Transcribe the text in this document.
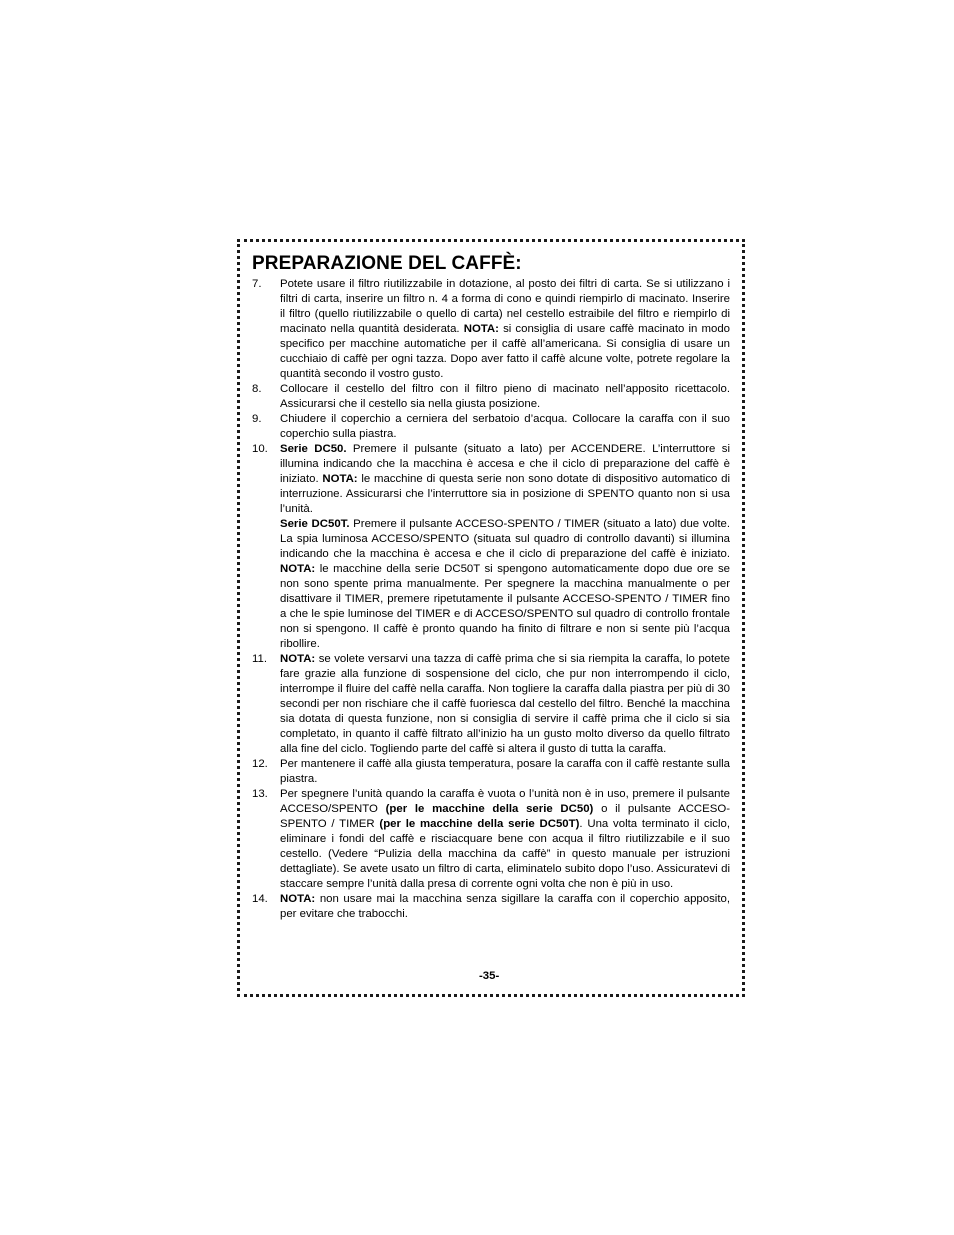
PREPARAZIONE DEL CAFFÈ:
7.	Potete usare il filtro riutilizzabile in dotazione, al posto dei filtri di carta. Se si utilizzano i filtri di carta, inserire un filtro n. 4 a forma di cono e quindi riempirlo di macinato. Inserire il filtro (quello riutilizzabile o quello di carta) nel cestello estraibile del filtro e riempirlo di macinato nella quantità desiderata. NOTA: si consiglia di usare caffè macinato in modo specifico per macchine automatiche per il caffè all’americana. Si consiglia di usare un cucchiaio di caffè per ogni tazza. Dopo aver fatto il caffè alcune volte, potrete regolare la quantità secondo il vostro gusto.
8.	Collocare il cestello del filtro con il filtro pieno di macinato nell’apposito ricettacolo. Assicurarsi che il cestello sia nella giusta posizione.
9.	Chiudere il coperchio a cerniera del serbatoio d’acqua. Collocare la caraffa con il suo coperchio sulla piastra.
10.	Serie DC50. Premere il pulsante (situato a lato) per ACCENDERE. L’interruttore si illumina indicando che la macchina è accesa e che il ciclo di preparazione del caffè è iniziato. NOTA: le macchine di questa serie non sono dotate di dispositivo automatico di interruzione. Assicurarsi che l’interruttore sia in posizione di SPENTO quanto non si usa l’unità.
Serie DC50T. Premere il pulsante ACCESO-SPENTO / TIMER (situato a lato) due volte. La spia luminosa ACCESO/SPENTO (situata sul quadro di controllo davanti) si illumina indicando che la macchina è accesa e che il ciclo di preparazione del caffè è iniziato. NOTA: le macchine della serie DC50T si spengono automaticamente dopo due ore se non sono spente prima manualmente. Per spegnere la macchina manualmente o per disattivare il TIMER, premere ripetutamente il pulsante ACCESO-SPENTO / TIMER fino a che le spie luminose del TIMER e di ACCESO/SPENTO sul quadro di controllo frontale non si spengono. Il caffè è pronto quando ha finito di filtrare e non si sente più l’acqua ribollire.
11.	NOTA: se volete versarvi una tazza di caffè prima che si sia riempita la caraffa, lo potete fare grazie alla funzione di sospensione del ciclo, che pur non interrompendo il ciclo, interrompe il fluire del caffè nella caraffa. Non togliere la caraffa dalla piastra per più di 30 secondi per non rischiare che il caffè fuoriesca dal cestello del filtro. Benché la macchina sia dotata di questa funzione, non si consiglia di servire il caffè prima che il ciclo si sia completato, in quanto il caffè filtrato all’inizio ha un gusto molto diverso da quello filtrato alla fine del ciclo. Togliendo parte del caffè si altera il gusto di tutta la caraffa.
12.	Per mantenere il caffè alla giusta temperatura, posare la caraffa con il caffè restante sulla piastra.
13.	Per spegnere l’unità quando la caraffa è vuota o l’unità non è in uso, premere il pulsante ACCESO/SPENTO (per le macchine della serie DC50) o il pulsante ACCESO-SPENTO / TIMER (per le macchine della serie DC50T). Una volta terminato il ciclo, eliminare i fondi del caffè e risciacquare bene con acqua il filtro riutilizzabile e il suo cestello. (Vedere “Pulizia della macchina da caffè” in questo manuale per istruzioni dettagliate). Se avete usato un filtro di carta, eliminatelo subito dopo l’uso. Assicuratevi di staccare sempre l’unità dalla presa di corrente ogni volta che non è più in uso.
14.	NOTA: non usare mai la macchina senza sigillare la caraffa con il coperchio apposito, per evitare che trabocchi.
-35-
